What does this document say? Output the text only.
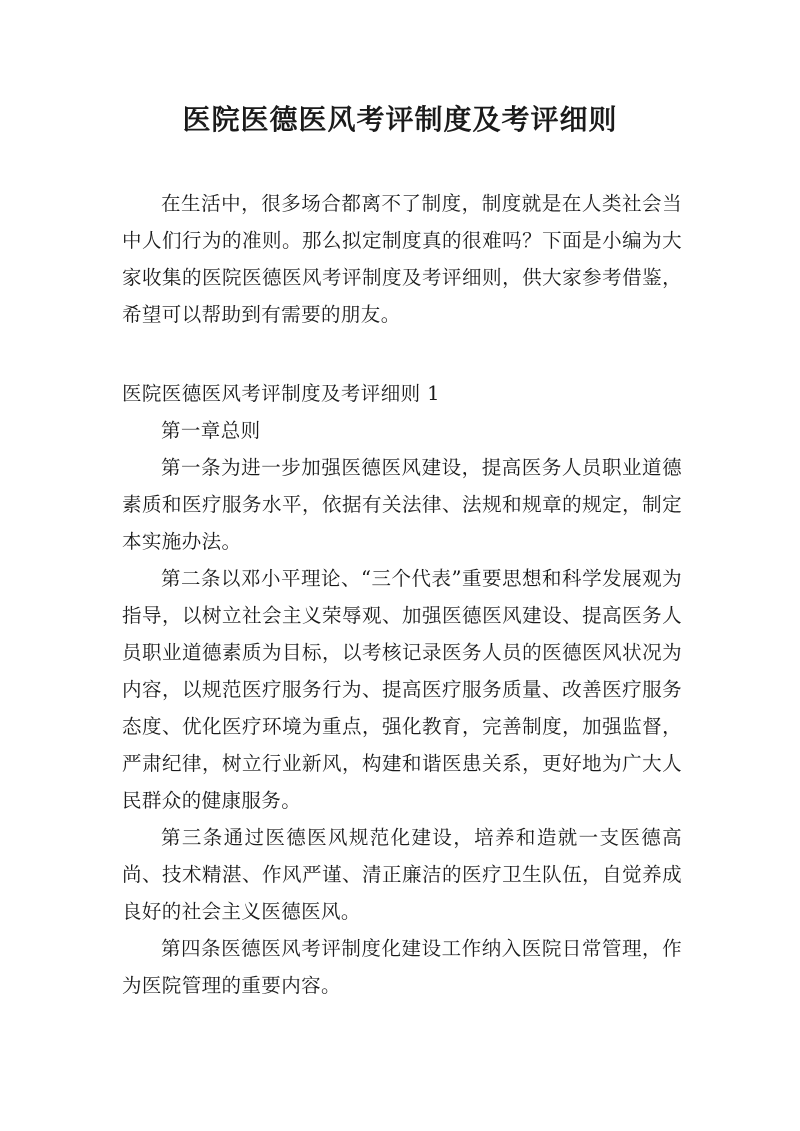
医院医德医风考评制度及考评细则

在生活中，很多场合都离不了制度，制度就是在人类社会当中人们行为的准则。那么拟定制度真的很难吗？下面是小编为大家收集的医院医德医风考评制度及考评细则，供大家参考借鉴，希望可以帮助到有需要的朋友。

医院医德医风考评制度及考评细则 1

第一章总则

第一条为进一步加强医德医风建设，提高医务人员职业道德素质和医疗服务水平，依据有关法律、法规和规章的规定，制定本实施办法。

第二条以邓小平理论、“三个代表”重要思想和科学发展观为指导，以树立社会主义荣辱观、加强医德医风建设、提高医务人员职业道德素质为目标，以考核记录医务人员的医德医风状况为内容，以规范医疗服务行为、提高医疗服务质量、改善医疗服务态度、优化医疗环境为重点，强化教育，完善制度，加强监督，严肃纪律，树立行业新风，构建和谐医患关系，更好地为广大人民群众的健康服务。

第三条通过医德医风规范化建设，培养和造就一支医德高尚、技术精湛、作风严谨、清正廉洁的医疗卫生队伍，自觉养成良好的社会主义医德医风。

第四条医德医风考评制度化建设工作纳入医院日常管理，作为医院管理的重要内容。
